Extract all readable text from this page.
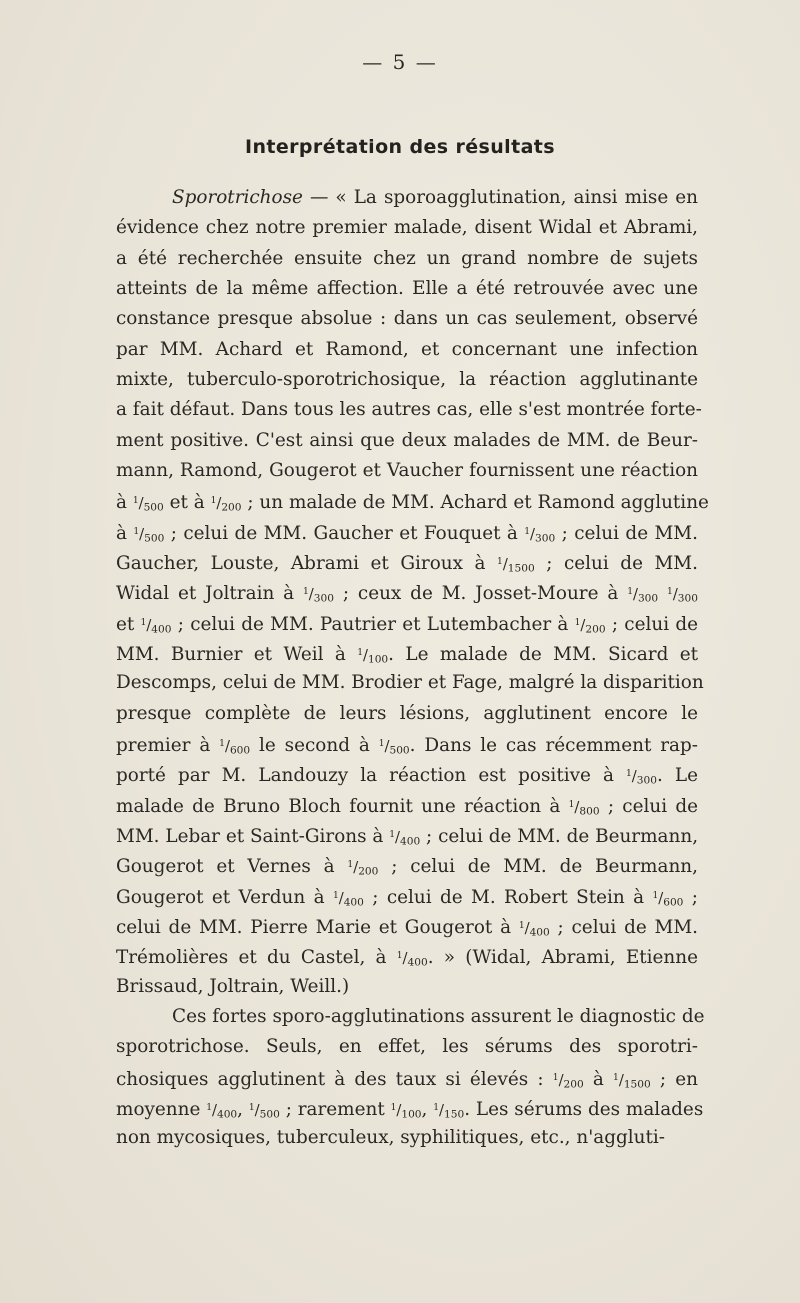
— 5 —
Interprétation des résultats
Sporotrichose — « La sporoagglutination, ainsi mise en
évidence chez notre premier malade, disent Widal et Abrami,
a été recherchée ensuite chez un grand nombre de sujets
atteints de la même affection. Elle a été retrouvée avec une
constance presque absolue : dans un cas seulement, observé
par MM. Achard et Ramond, et concernant une infection
mixte, tuberculo-sporotrichosique, la réaction agglutinante
a fait défaut. Dans tous les autres cas, elle s'est montrée forte-
ment positive. C'est ainsi que deux malades de MM. de Beur-
mann, Ramond, Gougerot et Vaucher fournissent une réaction
à $^1/_{500}$ et à $^1/_{200}$ ; un malade de MM. Achard et Ramond agglutine
à $^1/_{500}$ ; celui de MM. Gaucher et Fouquet à $^1/_{300}$ ; celui de MM.
Gaucher, Louste, Abrami et Giroux à $^1/_{1500}$ ; celui de MM.
Widal et Joltrain à $^1/_{300}$ ; ceux de M. Josset-Moure à $^1/_{300}$ $^1/_{300}$
et $^1/_{400}$ ; celui de MM. Pautrier et Lutembacher à $^1/_{200}$ ; celui de
MM. Burnier et Weil à $^1/_{100}$. Le malade de MM. Sicard et
Descomps, celui de MM. Brodier et Fage, malgré la disparition
presque complète de leurs lésions, agglutinent encore le
premier à $^1/_{600}$ le second à $^1/_{500}$. Dans le cas récemment rap-
porté par M. Landouzy la réaction est positive à $^1/_{300}$. Le
malade de Bruno Bloch fournit une réaction à $^1/_{800}$ ; celui de
MM. Lebar et Saint-Girons à $^1/_{400}$ ; celui de MM. de Beurmann,
Gougerot et Vernes à $^1/_{200}$ ; celui de MM. de Beurmann,
Gougerot et Verdun à $^1/_{400}$ ; celui de M. Robert Stein à $^1/_{600}$ ;
celui de MM. Pierre Marie et Gougerot à $^1/_{400}$ ; celui de MM.
Trémolières et du Castel, à $^1/_{400}$. » (Widal, Abrami, Etienne
Brissaud, Joltrain, Weill.)
Ces fortes sporo-agglutinations assurent le diagnostic de
sporotrichose. Seuls, en effet, les sérums des sporotri-
chosiques agglutinent à des taux si élevés : $^1/_{200}$ à $^1/_{1500}$ ; en
moyenne $^1/_{400}$, $^1/_{500}$ ; rarement $^1/_{100}$, $^1/_{150}$. Les sérums des malades
non mycosiques, tuberculeux, syphilitiques, etc., n'aggluti-
